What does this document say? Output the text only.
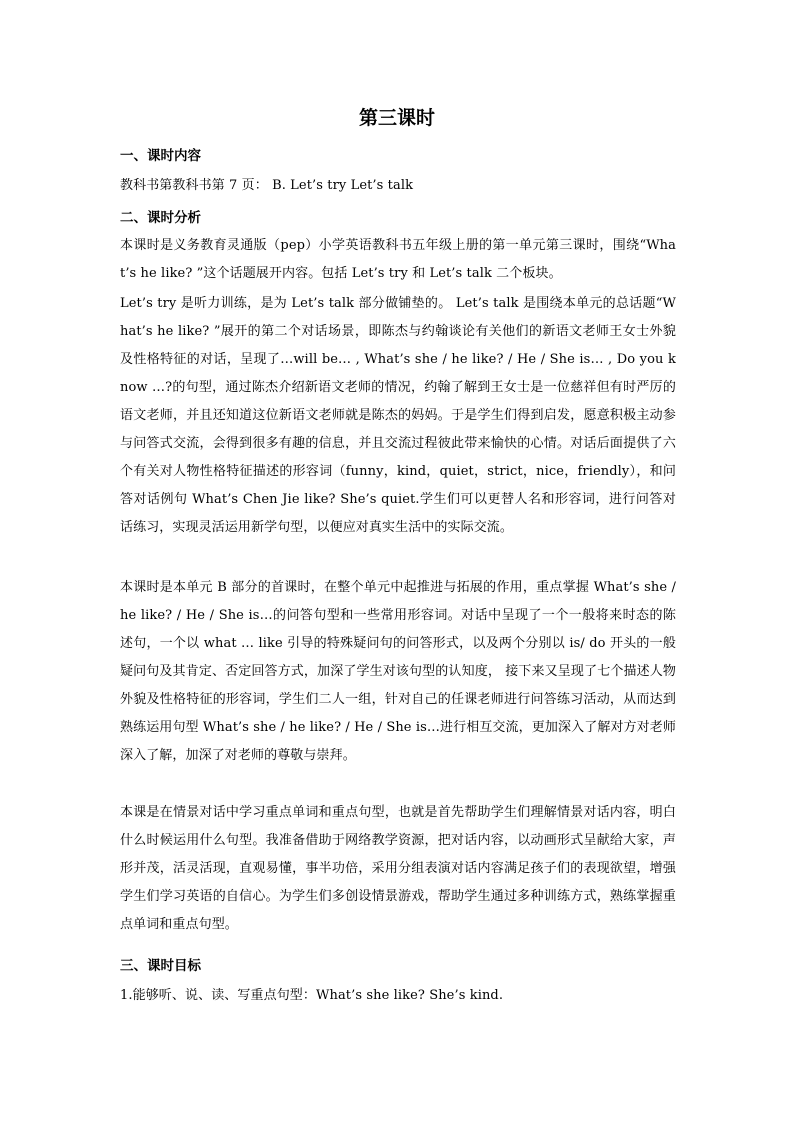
第三课时
一、课时内容

教科书第教科书第 7 页： B. Let’s try Let’s talk

二、课时分析

本课时是义务教育灵通版（pep）小学英语教科书五年级上册的第一单元第三课时，围绕“What’s he like? ”这个话题展开内容。包括 Let’s try 和 Let’s talk 二个板块。

Let’s try 是听力训练，是为 Let’s talk 部分做铺垫的。 Let’s talk 是围绕本单元的总话题“What’s he like? ”展开的第二个对话场景，即陈杰与约翰谈论有关他们的新语文老师王女士外貌及性格特征的对话，呈现了…will be… , What’s she / he like? / He / She is… , Do you know …?的句型，通过陈杰介绍新语文老师的情况，约翰了解到王女士是一位慈祥但有时严厉的语文老师，并且还知道这位新语文老师就是陈杰的妈妈。于是学生们得到启发，愿意积极主动参与问答式交流，会得到很多有趣的信息，并且交流过程彼此带来愉快的心情。对话后面提供了六个有关对人物性格特征描述的形容词（funny，kind，quiet，strict，nice，friendly），和问答对话例句 What’s Chen Jie like? She’s quiet.学生们可以更替人名和形容词，进行问答对话练习，实现灵活运用新学句型，以便应对真实生活中的实际交流。

本课时是本单元 B 部分的首课时，在整个单元中起推进与拓展的作用，重点掌握 What’s she / he like? / He / She is…的问答句型和一些常用形容词。对话中呈现了一个一般将来时态的陈述句，一个以 what … like 引导的特殊疑问句的问答形式，以及两个分别以 is/ do 开头的一般疑问句及其肯定、否定回答方式，加深了学生对该句型的认知度， 接下来又呈现了七个描述人物外貌及性格特征的形容词，学生们二人一组，针对自己的任课老师进行问答练习活动，从而达到熟练运用句型 What’s she / he like? / He / She is…进行相互交流，更加深入了解对方对老师深入了解，加深了对老师的尊敬与崇拜。

本课是在情景对话中学习重点单词和重点句型，也就是首先帮助学生们理解情景对话内容，明白什么时候运用什么句型。我准备借助于网络教学资源，把对话内容，以动画形式呈献给大家，声形并茂，活灵活现，直观易懂，事半功倍，采用分组表演对话内容满足孩子们的表现欲望，增强学生们学习英语的自信心。为学生们多创设情景游戏，帮助学生通过多种训练方式，熟练掌握重点单词和重点句型。

三、课时目标

1.能够听、说、读、写重点句型：What’s she like? She’s kind.
